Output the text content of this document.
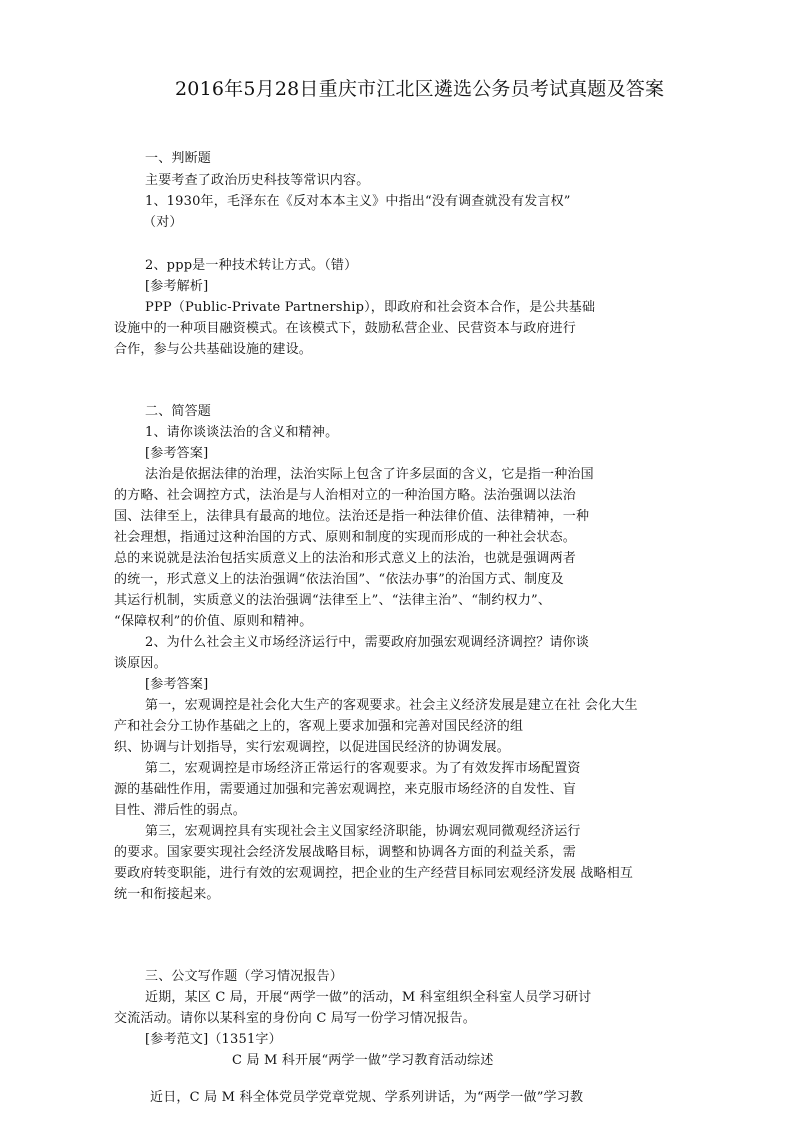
2016年5月28日重庆市江北区遴选公务员考试真题及答案
一、判断题
主要考查了政治历史科技等常识内容。
1、1930年，毛泽东在《反对本本主义》中指出“没有调查就没有发言权”
（对）
2、ppp是一种技术转让方式。（错）
[参考解析]
PPP（Public-Private Partnership），即政府和社会资本合作，是公共基础
设施中的一种项目融资模式。在该模式下，鼓励私营企业、民营资本与政府进行
合作，参与公共基础设施的建设。
二、简答题
1、请你谈谈法治的含义和精神。
[参考答案]
法治是依据法律的治理，法治实际上包含了许多层面的含义，它是指一种治国
的方略、社会调控方式，法治是与人治相对立的一种治国方略。法治强调以法治
国、法律至上，法律具有最高的地位。法治还是指一种法律价值、法律精神，一种
社会理想，指通过这种治国的方式、原则和制度的实现而形成的一种社会状态。
总的来说就是法治包括实质意义上的法治和形式意义上的法治，也就是强调两者
的统一，形式意义上的法治强调“依法治国”、“依法办事”的治国方式、制度及
其运行机制，实质意义的法治强调“法律至上”、“法律主治”、“制约权力”、
“保障权利”的价值、原则和精神。
2、为什么社会主义市场经济运行中，需要政府加强宏观调经济调控？请你谈
谈原因。
[参考答案]
第一，宏观调控是社会化大生产的客观要求。社会主义经济发展是建立在社 会化大生
产和社会分工协作基础之上的，客观上要求加强和完善对国民经济的组
织、协调与计划指导，实行宏观调控，以促进国民经济的协调发展。
第二，宏观调控是市场经济正常运行的客观要求。为了有效发挥市场配置资
源的基础性作用，需要通过加强和完善宏观调控，来克服市场经济的自发性、盲
目性、滞后性的弱点。
第三，宏观调控具有实现社会主义国家经济职能，协调宏观同微观经济运行
的要求。国家要实现社会经济发展战略目标，调整和协调各方面的利益关系，需
要政府转变职能，进行有效的宏观调控，把企业的生产经营目标同宏观经济发展 战略相互
统一和衔接起来。
三、公文写作题（学习情况报告）
近期，某区 C 局，开展“两学一做”的活动，M 科室组织全科室人员学习研讨
交流活动。请你以某科室的身份向 C 局写一份学习情况报告。
[参考范文]（1351字）
C 局 M 科开展“两学一做”学习教育活动综述
近日，C 局 M 科全体党员学党章党规、学系列讲话，为“两学一做”学习教
